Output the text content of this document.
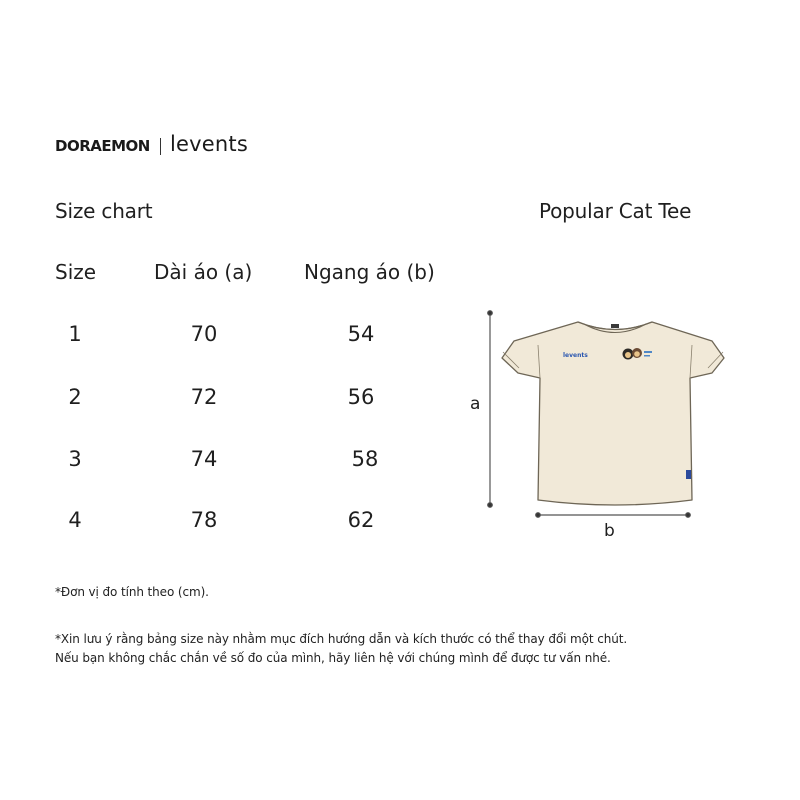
DORAEMON levents
Size chart	Popular Cat Tee
Size	Dài áo (a)	Ngang áo (b)
1	70	54
2	72	56
3	74	58
4	78	62
*Đơn vị đo tính theo (cm).
*Xin lưu ý rằng bảng size này nhằm mục đích hướng dẫn và kích thước có thể thay đổi một chút.
Nếu bạn không chắc chắn về số đo của mình, hãy liên hệ với chúng mình để được tư vấn nhé.
levents
a
b
